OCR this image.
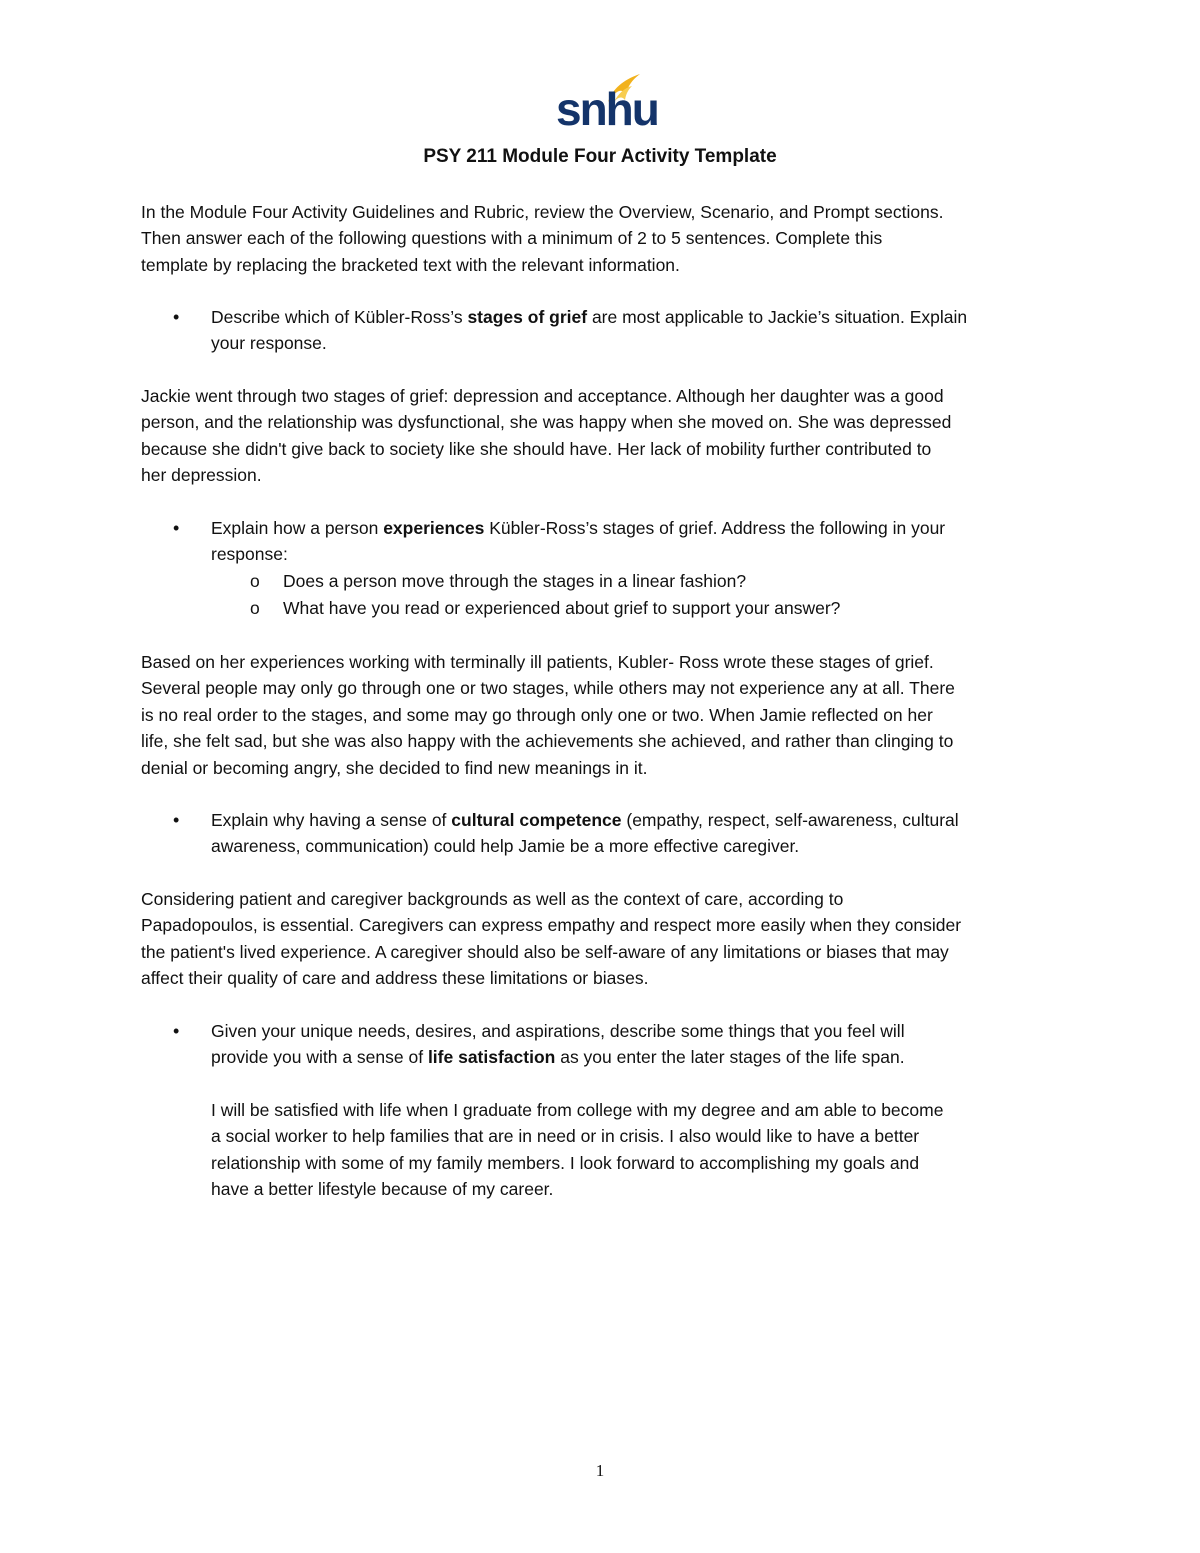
snhu
PSY 211 Module Four Activity Template
In the Module Four Activity Guidelines and Rubric, review the Overview, Scenario, and Prompt sections.
Then answer each of the following questions with a minimum of 2 to 5 sentences. Complete this
template by replacing the bracketed text with the relevant information.
• Describe which of Kübler-Ross’s stages of grief are most applicable to Jackie’s situation. Explain
your response.
Jackie went through two stages of grief: depression and acceptance. Although her daughter was a good
person, and the relationship was dysfunctional, she was happy when she moved on. She was depressed
because she didn't give back to society like she should have. Her lack of mobility further contributed to
her depression.
• Explain how a person experiences Kübler-Ross’s stages of grief. Address the following in your
response:
o Does a person move through the stages in a linear fashion?
o What have you read or experienced about grief to support your answer?
Based on her experiences working with terminally ill patients, Kubler- Ross wrote these stages of grief.
Several people may only go through one or two stages, while others may not experience any at all. There
is no real order to the stages, and some may go through only one or two. When Jamie reflected on her
life, she felt sad, but she was also happy with the achievements she achieved, and rather than clinging to
denial or becoming angry, she decided to find new meanings in it.
• Explain why having a sense of cultural competence (empathy, respect, self-awareness, cultural
awareness, communication) could help Jamie be a more effective caregiver.
Considering patient and caregiver backgrounds as well as the context of care, according to
Papadopoulos, is essential. Caregivers can express empathy and respect more easily when they consider
the patient's lived experience. A caregiver should also be self-aware of any limitations or biases that may
affect their quality of care and address these limitations or biases.
• Given your unique needs, desires, and aspirations, describe some things that you feel will
provide you with a sense of life satisfaction as you enter the later stages of the life span.
I will be satisfied with life when I graduate from college with my degree and am able to become
a social worker to help families that are in need or in crisis. I also would like to have a better
relationship with some of my family members. I look forward to accomplishing my goals and
have a better lifestyle because of my career.
1
